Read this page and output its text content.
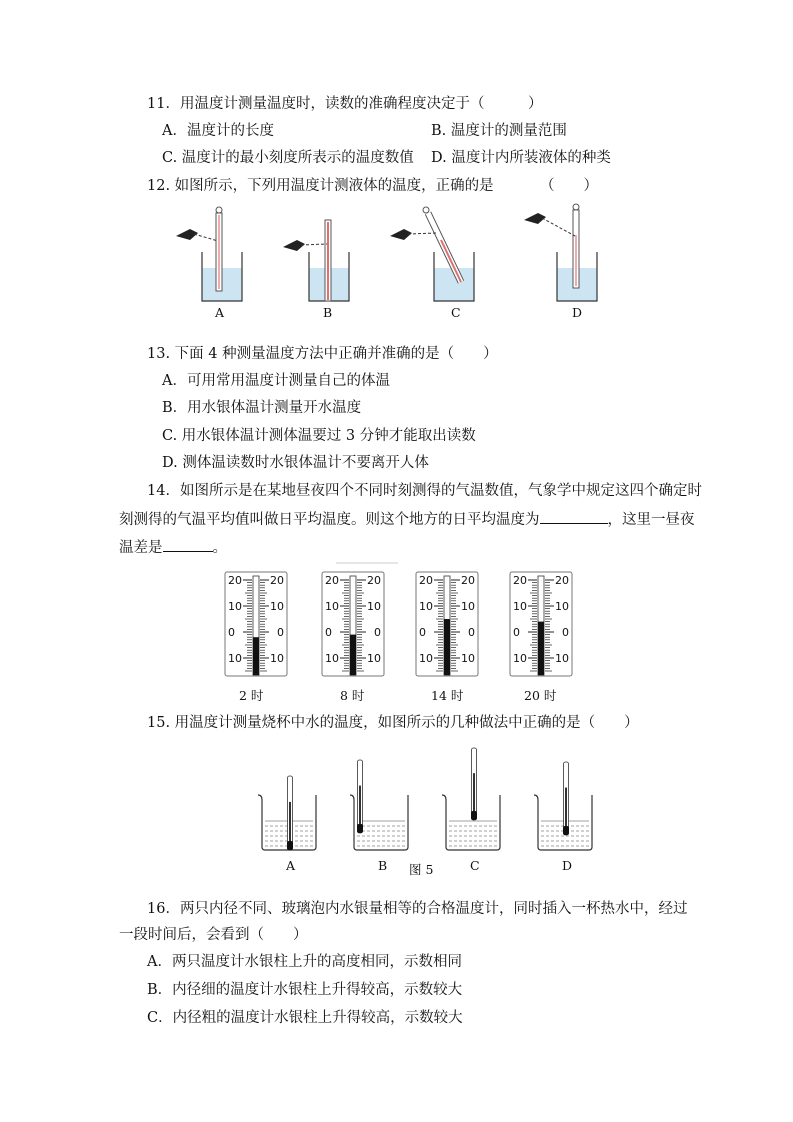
11．用温度计测量温度时，读数的准确程度决定于（　　　）
A．温度计的长度	B. 温度计的测量范围
C. 温度计的最小刻度所表示的温度数值 D. 温度计内所装液体的种类
12. 如图所示，下列用温度计测液体的温度，正确的是	（　　）
20	20
10	10
0	0
10	10
20	20
10	10
0	0
10	10
20	20
10	10
0	0
10	10
20	20
10	10
0	0
10	10
A	B	C	D
13. 下面 4 种测量温度方法中正确并准确的是（　　）
A．可用常用温度计测量自己的体温
B．用水银体温计测量开水温度
C. 用水银体温计测体温要过 3 分钟才能取出读数
D. 测体温读数时水银体温计不要离开人体
14．如图所示是在某地昼夜四个不同时刻测得的气温数值，气象学中规定这四个确定时
刻测得的气温平均值叫做日平均温度。则这个地方的日平均温度为	，这里一昼夜
温差是	。
2 时	8 时	14 时	20 时
15. 用温度计测量烧杯中水的温度，如图所示的几种做法中正确的是（　　）
A	B 图 5	C	D
16．两只内径不同、玻璃泡内水银量相等的合格温度计，同时插入一杯热水中，经过
一段时间后，会看到（　　）
A．两只温度计水银柱上升的高度相同，示数相同
B．内径细的温度计水银柱上升得较高，示数较大
C．内径粗的温度计水银柱上升得较高，示数较大
